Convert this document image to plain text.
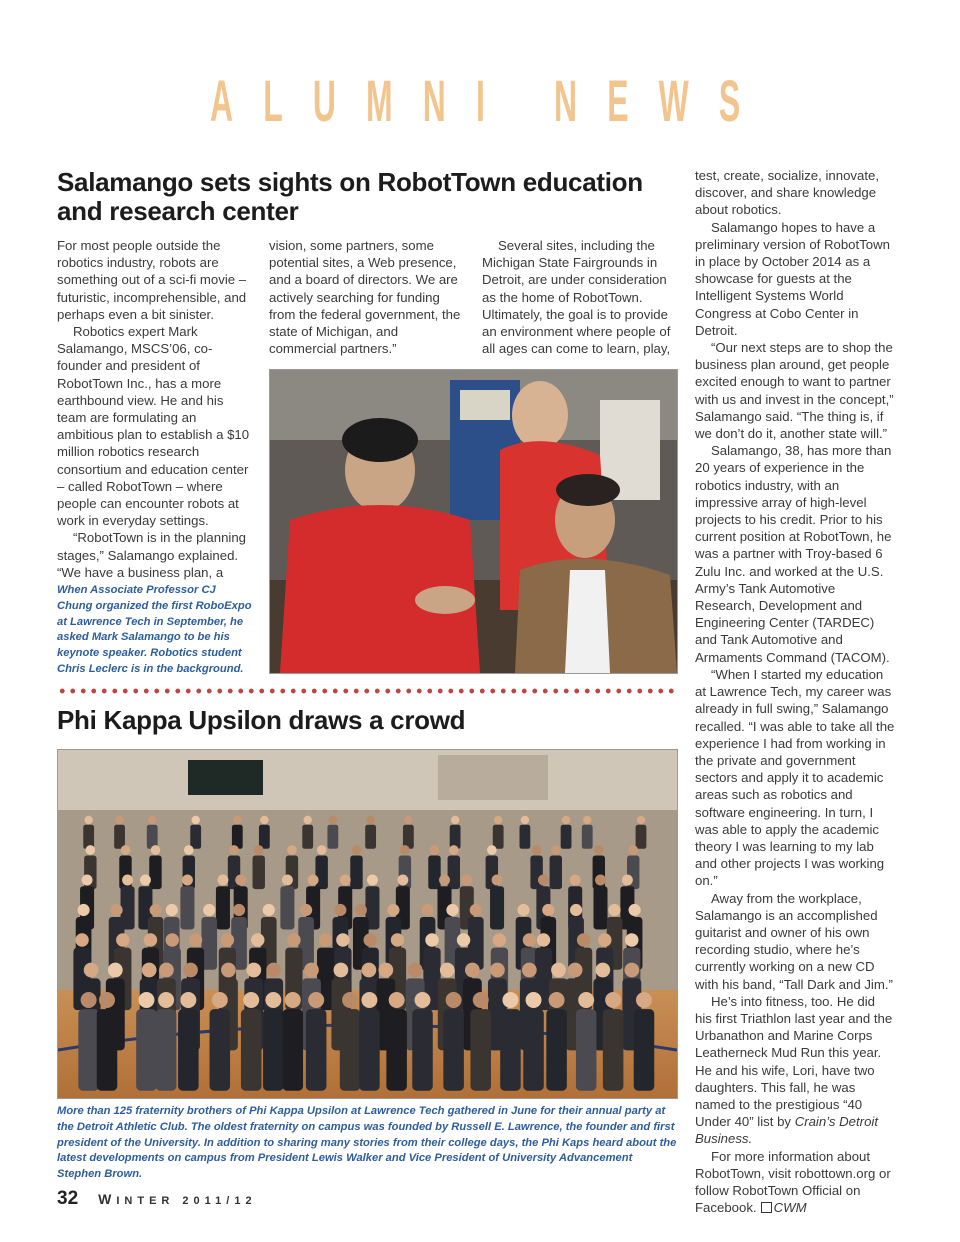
A L U M N I
N E W S
Salamango sets sights on RobotTown education and research center

For most people outside the robotics industry, robots are something out of a sci-fi movie – futuristic, incomprehensible, and perhaps even a bit sinister.

Robotics expert Mark Salamango, MSCS’06, co-founder and president of RobotTown Inc., has a more earthbound view. He and his team are formulating an ambitious plan to establish a $10 million robotics research consortium and education center – called RobotTown – where people can encounter robots at work in everyday settings.

“RobotTown is in the planning stages,” Salamango explained. “We have a business plan, a

When Associate Professor CJ Chung organized the first RoboExpo at Lawrence Tech in September, he asked Mark Salamango to be his keynote speaker. Robotics student Chris Leclerc is in the background.

vision, some partners, some potential sites, a Web presence, and a board of directors. We are actively searching for funding from the federal government, the state of Michigan, and commercial partners.”

Several sites, including the Michigan State Fairgrounds in Detroit, are under consideration as the home of RobotTown. Ultimately, the goal is to provide an environment where people of all ages can come to learn, play,

test, create, socialize, innovate, discover, and share knowledge about robotics.

Salamango hopes to have a preliminary version of RobotTown in place by October 2014 as a showcase for guests at the Intelligent Systems World Congress at Cobo Center in Detroit.

“Our next steps are to shop the business plan around, get people excited enough to want to partner with us and invest in the concept,” Salamango said. “The thing is, if we don’t do it, another state will.”

Salamango, 38, has more than 20 years of experience in the robotics industry, with an impressive array of high-level projects to his credit. Prior to his current position at RobotTown, he was a partner with Troy-based 6 Zulu Inc. and worked at the U.S. Army’s Tank Automotive Research, Development and Engineering Center (TARDEC) and Tank Automotive and Armaments Command (TACOM).

“When I started my education at Lawrence Tech, my career was already in full swing,” Salamango recalled. “I was able to take all the experience I had from working in the private and government sectors and apply it to academic areas such as robotics and software engineering. In turn, I was able to apply the academic theory I was learning to my lab and other projects I was working on.”

Away from the workplace, Salamango is an accomplished guitarist and owner of his own recording studio, where he’s currently working on a new CD with his band, “Tall Dark and Jim.”

He’s into fitness, too. He did his first Triathlon last year and the Urbanathon and Marine Corps Leatherneck Mud Run this year. He and his wife, Lori, have two daughters. This fall, he was named to the prestigious “40 Under 40” list by Crain’s Detroit Business.

For more information about RobotTown, visit robottown.org or follow RobotTown Official on Facebook. CWM

Phi Kappa Upsilon draws a crowd

More than 125 fraternity brothers of Phi Kappa Upsilon at Lawrence Tech gathered in June for their annual party at the Detroit Athletic Club. The oldest fraternity on campus was founded by Russell E. Lawrence, the founder and first president of the University. In addition to sharing many stories from their college days, the Phi Kaps heard about the latest developments on campus from President Lewis Walker and Vice President of University Advancement Stephen Brown.

32 WINTER 2011/12
